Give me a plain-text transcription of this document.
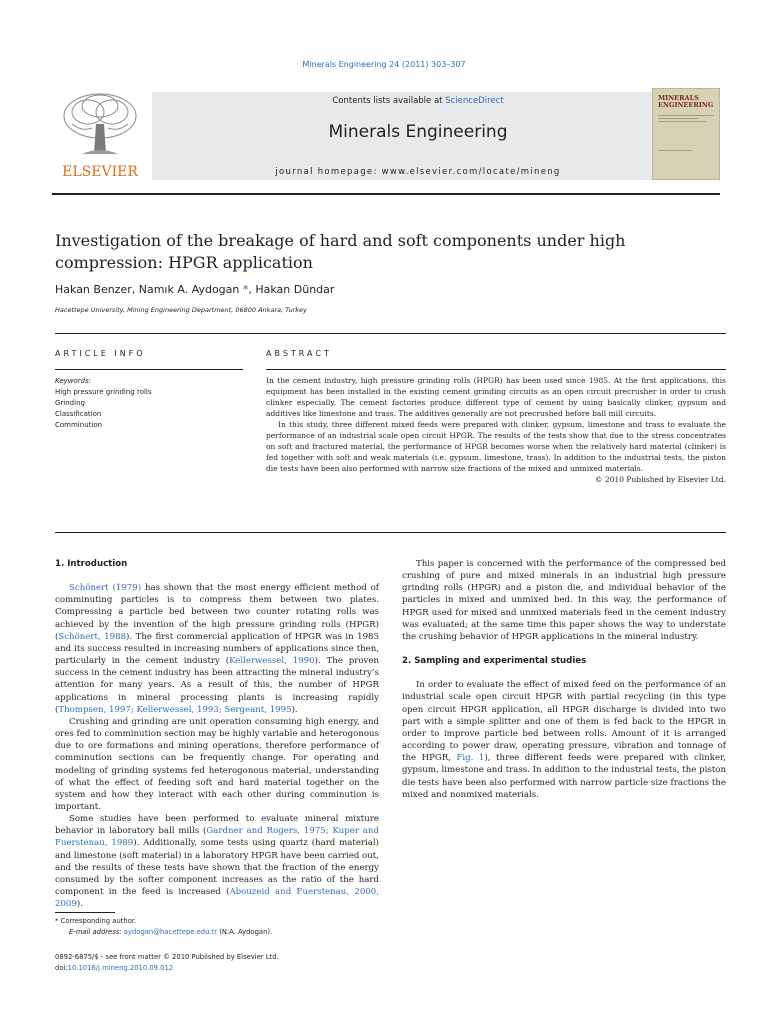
Minerals Engineering 24 (2011) 303–307
ELSEVIER
Contents lists available at ScienceDirect
Minerals Engineering
journal homepage: www.elsevier.com/locate/mineng
MINERALS
ENGINEERING
Investigation of the breakage of hard and soft components under high compression: HPGR application
Hakan Benzer, Namık A. Aydogan *, Hakan Dündar
Hacettepe University, Mining Engineering Department, 06800 Ankara, Turkey
ARTICLE INFO	ABSTRACT
Keywords:
High pressure grinding rolls
Grinding
Classification
Comminution

In the cement industry, high pressure grinding rolls (HPGR) has been used since 1985. At the first applications, this equipment has been installed in the existing cement grinding circuits as an open circuit precrusher in order to crush clinker especially. The cement factories produce different type of cement by using basically clinker, gypsum and additives like limestone and trass. The additives generally are not precrushed before ball mill circuits.

In this study, three different mixed feeds were prepared with clinker, gypsum, limestone and trass to evaluate the performance of an industrial scale open circuit HPGR. The results of the tests show that due to the stress concentrates on soft and fractured material, the performance of HPGR becomes worse when the relatively hard material (clinker) is fed together with soft and weak materials (i.e. gypsum, limestone, trass). In addition to the industrial tests, the piston die tests have been also performed with narrow size fractions of the mixed and unmixed materials.

© 2010 Published by Elsevier Ltd.

1. Introduction

Schönert (1979) has shown that the most energy efficient method of comminuting particles is to compress them between two plates. Compressing a particle bed between two counter rotating rolls was achieved by the invention of the high pressure grinding rolls (HPGR) (Schönert, 1988). The first commercial application of HPGR was in 1985 and its success resulted in increasing numbers of applications since then, particularly in the cement industry (Kellerwessel, 1990). The proven success in the cement industry has been attracting the mineral industry’s attention for many years. As a result of this, the number of HPGR applications in mineral processing plants is increasing rapidly (Thompsen, 1997; Kellerwessel, 1993; Sergeant, 1995).

Crushing and grinding are unit operation consuming high energy, and ores fed to comminution section may be highly variable and heterogonous due to ore formations and mining operations, therefore performance of comminution sections can be frequently change. For operating and modeling of grinding systems fed heterogonous material, understanding of what the effect of feeding soft and hard material together on the system and how they interact with each other during comminution is important.

Some studies have been performed to evaluate mineral mixture behavior in laboratory ball mills (Gardner and Rogers, 1975; Kuper and Fuerstenau, 1989). Additionally, some tests using quartz (hard material) and limestone (soft material) in a laboratory HPGR have been carried out, and the results of these tests have shown that the fraction of the energy consumed by the softer component increases as the ratio of the hard component in the feed is increased (Abouzeid and Fuerstenau, 2000, 2009).

This paper is concerned with the performance of the compressed bed crushing of pure and mixed minerals in an industrial high pressure grinding rolls (HPGR) and a piston die, and individual behavior of the particles in mixed and unmixed bed. In this way, the performance of HPGR used for mixed and unmixed materials feed in the cement industry was evaluated; at the same time this paper shows the way to understate the crushing behavior of HPGR applications in the mineral industry.

2. Sampling and experimental studies

In order to evaluate the effect of mixed feed on the performance of an industrial scale open circuit HPGR with partial recycling (in this type open circuit HPGR application, all HPGR discharge is divided into two part with a simple splitter and one of them is fed back to the HPGR in order to improve particle bed between rolls. Amount of it is arranged according to power draw, operating pressure, vibration and tonnage of the HPGR, Fig. 1), three different feeds were prepared with clinker, gypsum, limestone and trass. In addition to the industrial tests, the piston die tests have been also performed with narrow particle size fractions the mixed and nonmixed materials.

* Corresponding author.
E-mail address: aydogan@hacettepe.edu.tr (N.A. Aydogan).
0892-6875/$ - see front matter © 2010 Published by Elsevier Ltd.
doi:10.1016/j.mineng.2010.09.012
